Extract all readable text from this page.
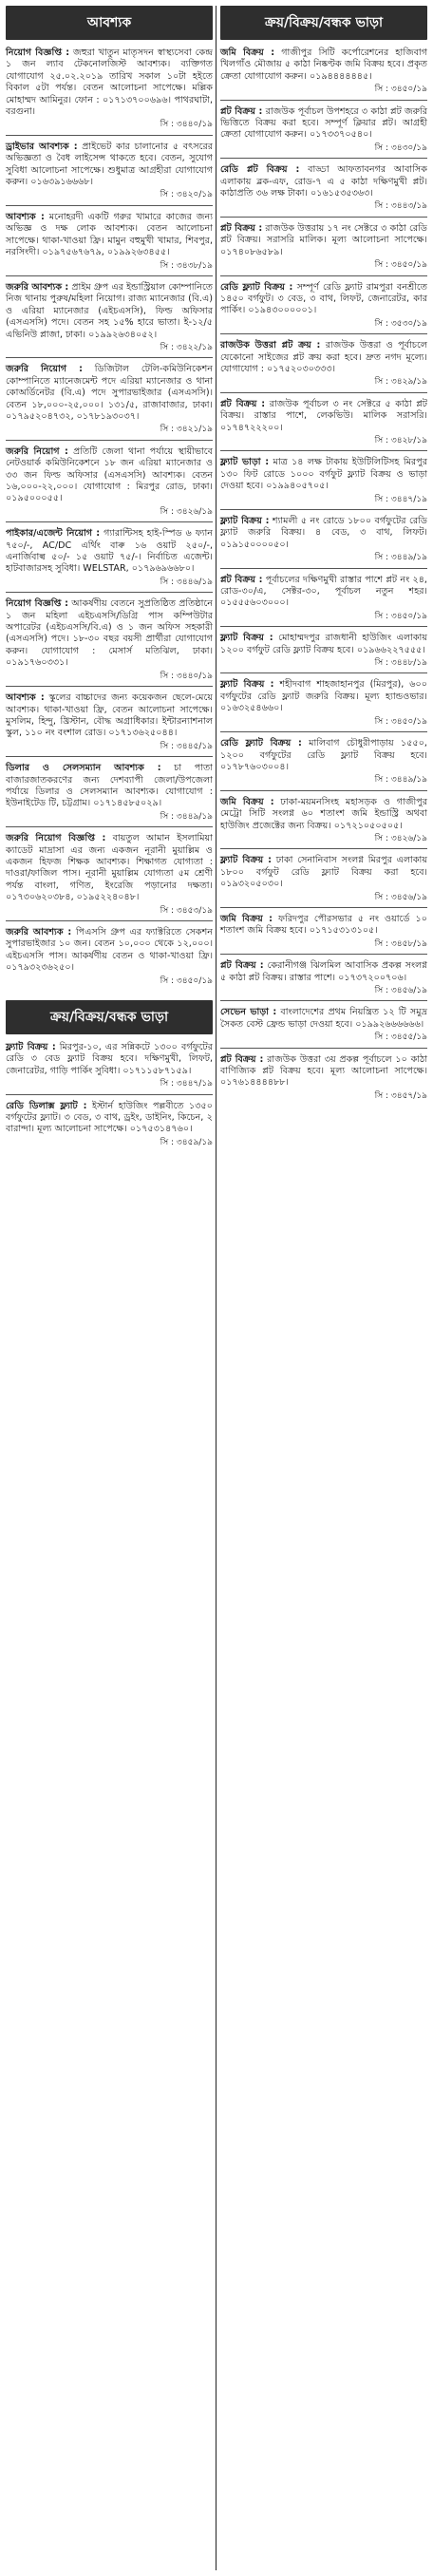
আবশ্যক

নিয়োগ বিজ্ঞপ্তি : জহুরা খাতুন মাতৃসদন স্বাস্থ্যসেবা কেন্দ্র ১ জন ল্যাব টেকনোলজিস্ট আবশ্যক। ব্যক্তিগত যোগাযোগ ২৫.০২.২০১৯ তারিখ সকাল ১০টা হইতে বিকাল ৫টা পর্যন্ত। বেতন আলোচনা সাপেক্ষে। মল্লিক মোহাম্মদ আমিনুর। ফোন : ০১৭১৩৭০০৬৯৬। পাথরঘাটা, বরগুনা।
সি : ৩৪৪০/১৯

ড্রাইভার আবশ্যক : প্রাইভেট কার চালানোর ৫ বৎসরের অভিজ্ঞতা ও বৈধ লাইসেন্স থাকতে হবে। বেতন, সুযোগ সুবিধা আলোচনা সাপেক্ষে। শুধুমাত্র আগ্রহীরা যোগাযোগ করুন। ০১৬৩৯১৬৬৬৮।
সি : ৩৪২০/১৯

আবশ্যক : মনোহরদী একটি গরুর খামারে কাজের জন্য অভিজ্ঞ ও দক্ষ লোক আবশ্যক। বেতন আলোচনা সাপেক্ষে। থাকা-খাওয়া ফ্রি। মামুন বহুমুখী খামার, শিবপুর, নরসিংদী। ০১৯৭৫৬৭৬৭৯, ০১৯৯২৬৩৪৫৫।
সি : ৩৪৩৮/১৯

জরুরি আবশ্যক : প্রাইম গ্রুপ এর ইন্ডাস্ট্রিয়াল কোম্পানিতে নিজ থানায় পুরুষ/মহিলা নিয়োগ। রাজ্য ম্যানেজার (বি.এ) ও এরিয়া ম্যানেজার (এইচএসসি), ফিল্ড অফিসার (এসএসসি) পদে। বেতন সহ ১৫% হারে ভাতা। ই-১২/৫ এভিনিউ প্লাজা, ঢাকা। ০১৯৯২৬৩৪০৫২।
সি : ৩৪২২/১৯

জরুরি নিয়োগ : ডিজিটাল টেলি-কমিউনিকেশন কোম্পানিতে ম্যানেজমেন্ট পদে এরিয়া ম্যানেজার ও থানা কোঅর্ডিনেটর (বি.এ) পদে সুপারভাইজার (এসএসসি)। বেতন ১৮,০০০-২৫,০০০। ১৩১/৫, রাজাবাজার, ঢাকা। ০১৭৯৫২০৪৭৩২, ০১৭৮১৯৩০৩৭।
সি : ৩৪২১/১৯

জরুরি নিয়োগ : প্রতিটি জেলা থানা পর্যায়ে স্থায়ীভাবে নেটওয়ার্ক কমিউনিকেশনে ১৮ জন এরিয়া ম্যানেজার ও ৩৩ জন ফিল্ড অফিসার (এসএসসি) আবশ্যক। বেতন ১৬,০০০-২২,০০০। যোগাযোগ : মিরপুর রোড, ঢাকা। ০১৯৫০০০৫৫।
সি : ৩৪২৬/১৯

পাইকার/এজেন্ট নিয়োগ : গ্যারান্টিসহ হাই-স্পিড ৬ ফ্যান ৭৫০/-, AC/DC এর্থিং বাৰু ১৬ ওয়াট ২৫০/-, এনার্জিবাল্ব ৫০/- ১৫ ওয়াট ৭৫/-। নির্বাচিত এজেন্ট। হাটবাজারসহ সুবিধা। WELSTAR, ০১৭৯৬৯৬৬৮০।
সি : ৩৪৪৬/১৯

নিয়োগ বিজ্ঞপ্তি : আকর্ষণীয় বেতনে সুপ্রতিষ্ঠিত প্রতিষ্ঠানে ১ জন মহিলা এইচএসসি/ডিগ্রি পাস কম্পিউটার অপারেটর (এইচএসসি/বি.এ) ও ১ জন অফিস সহকারী (এসএসসি) পদে। ১৮-৩০ বছর বয়সী প্রার্থীরা যোগাযোগ করুন। যোগাযোগ : মেসার্স মতিঝিল, ঢাকা। ০১৯১৭৬০৩৩১।
সি : ৩৪৪০/১৯

আবশ্যক : স্কুলের বাচ্চাদের জন্য কয়েকজন ছেলে-মেয়ে আবশ্যক। থাকা-খাওয়া ফ্রি, বেতন আলোচনা সাপেক্ষে। মুসলিম, হিন্দু, খ্রিস্টান, বৌদ্ধ অগ্রাধিকার। ইন্টারন্যাশনাল স্কুল, ১১০ নং বংশাল রোড। ০১৭১৩৬২৫০৪৪।
সি : ৩৪৪৫/১৯

ডিলার ও সেলসম্যান আবশ্যক : চা পাতা বাজারজাতকরণের জন্য দেশব্যাপী জেলা/উপজেলা পর্যায়ে ডিলার ও সেলসম্যান আবশ্যক। যোগাযোগ : ইউনাইটেড টি, চট্টগ্রাম। ০১৭১৪৫৮৫০২৯।
সি : ৩৪৪৯/১৯

জরুরি নিয়োগ বিজ্ঞপ্তি : বায়তুল আমান ইসলামিয়া ক্যাডেট মাদ্রাসা এর জন্য একজন নূরানী মুয়াল্লিম ও একজন হিফজ শিক্ষক আবশ্যক। শিক্ষাগত যোগ্যতা : দাওরা/ফাজিল পাস। নূরানী মুয়াল্লিম যোগ্যতা ৫ম শ্রেণী পর্যন্ত বাংলা, গণিত, ইংরেজি পড়ানোর দক্ষতা। ০১৭৩০৬২০৩৮৪, ০১৯৫২২৪০৪৮।
সি : ৩৪৫৩/১৯

জরুরি আবশ্যক : পিএসসি গ্রুপ এর ফ্যাক্টরিতে সেকশন সুপারভাইজার ১০ জন। বেতন ১০,০০০ থেকে ১২,০০০। এইচএসসি পাস। আকর্ষণীয় বেতন ও থাকা-খাওয়া ফ্রি। ০১৭৯৩২৩৬২৫০।
সি : ৩৪৫০/১৯

ক্রয়/বিক্রয়/বন্ধক ভাড়া

ফ্ল্যাট বিক্রয় : মিরপুর-১০, এর সন্নিকটে ১৩০০ বর্গফুটের রেডি ৩ বেড ফ্ল্যাট বিক্রয় হবে। দক্ষিণমুখী, লিফট, জেনারেটর, গাড়ি পার্কিং সুবিধা। ০১৭১১৫৮৭১৫৯।
সি : ৩৪৪৭/১৯

রেডি ডিলাক্স ফ্ল্যাট : ইস্টার্ন হাউজিং পল্লবীতে ১৩৫০ বর্গফুটের ফ্ল্যাট। ৩ বেড, ৩ বাথ, ড্রইং, ডাইনিং, কিচেন, ২ বারান্দা। মূল্য আলোচনা সাপেক্ষে। ০১৭৫৩১৪৭৬০।
সি : ৩৪৫৯/১৯

ক্রয়/বিক্রয়/বন্ধক ভাড়া

জমি বিক্রয় : গাজীপুর সিটি কর্পোরেশনের হাজিবাগ খিলগাঁও মৌজায় ৫ কাঠা নিষ্কণ্টক জমি বিক্রয় হবে। প্রকৃত ক্রেতা যোগাযোগ করুন। ০১৯৪৪৪৪৪৪৫।
সি : ৩৪৫০/১৯

প্লট বিক্রয় : রাজউক পূর্বাচল উপশহরে ৩ কাঠা প্লট জরুরি ভিত্তিতে বিক্রয় করা হবে। সম্পূর্ণ ক্লিয়ার প্লট। আগ্রহী ক্রেতা যোগাযোগ করুন। ০১৭৩৩৭০৫৪০।
সি : ৩৪৩০/১৯

রেডি প্লট বিক্রয় : বাড্ডা আফতাবনগর আবাসিক এলাকায় ব্লক-এফ, রোড-৭ এ ৫ কাঠা দক্ষিণমুখী প্লট। কাঠাপ্রতি ৩৬ লক্ষ টাকা। ০১৬১৫৩৫৩৬৩।
সি : ৩৪৪৩/১৯

প্লট বিক্রয় : রাজউক উত্তরায় ১৭ নং সেক্টরে ৩ কাঠা রেডি প্লট বিক্রয়। সরাসরি মালিক। মূল্য আলোচনা সাপেক্ষে। ০১৭৪০৮৬৫৮৯।
সি : ৩৪৫০/১৯

রেডি ফ্ল্যাট বিক্রয় : সম্পূর্ণ রেডি ফ্ল্যাট রামপুরা বনশ্রীতে ১৪৫০ বর্গফুট। ৩ বেড, ৩ বাথ, লিফট, জেনারেটর, কার পার্কিং। ০১৯৪৩০০০০০১।
সি : ৩৫৩০/১৯

রাজউক উত্তরা প্লট ক্রয় : রাজউক উত্তরা ও পূর্বাচলে যেকোনো সাইজের প্লট ক্রয় করা হবে। দ্রুত নগদ মূল্যে। যোগাযোগ : ০১৭৫২০৩০৩৩৩।
সি : ৩৪২৯/১৯

প্লট বিক্রয় : রাজউক পূর্বাচল ৩ নং সেক্টরে ৫ কাঠা প্লট বিক্রয়। রাস্তার পাশে, লেকভিউ। মালিক সরাসরি। ০১৭৪৭২২২০০।
সি : ৩৪২৮/১৯

ফ্ল্যাট ভাড়া : মাত্র ১৪ লক্ষ টাকায় ইউটিলিটিসহ মিরপুর ১৩০ ফিট রোডে ১০০০ বর্গফুট ফ্ল্যাট বিক্রয় ও ভাড়া দেওয়া হবে। ০১৯৯৪০৫৭০৫।
সি : ৩৪৪৭/১৯

ফ্ল্যাট বিক্রয় : শ্যামলী ৫ নং রোডে ১৮০০ বর্গফুটের রেডি ফ্ল্যাট জরুরি বিক্রয়। ৪ বেড, ৩ বাথ, লিফট। ০১৯১৫০০০০৫০।
সি : ৩৪৪৯/১৯

প্লট বিক্রয় : পূর্বাচলের দক্ষিণমুখী রাস্তার পাশে প্লট নং ২৪, রোড-৩০/এ, সেক্টর-৩০, পূর্বাচল নতুন শহর। ০১৫৫৫৬০৩০০০।
সি : ৩৪৫০/১৯

ফ্ল্যাট বিক্রয় : মোহাম্মদপুর রাজধানী হাউজিং এলাকায় ১২০০ বর্গফুট রেডি ফ্ল্যাট বিক্রয় হবে। ০১৯৬৬২২৭৫৫৫।
সি : ৩৪৪৮/১৯

ফ্ল্যাট বিক্রয় : শহীদবাগ শাহজাহানপুর (মিরপুর), ৬০০ বর্গফুটের রেডি ফ্ল্যাট জরুরি বিক্রয়। মূল্য হ্যান্ডওভার। ০১৬৩২৫৪৬৬০।
সি : ৩৪৫০/১৯

রেডি ফ্ল্যাট বিক্রয় : মালিবাগ চৌধুরীপাড়ায় ১৫৫০, ১২০০ বর্গফুটের রেডি ফ্ল্যাট বিক্রয় হবে। ০১৭৮৭৬০৩০০৪।
সি : ৩৪৪৯/১৯

জমি বিক্রয় : ঢাকা-ময়মনসিংহ মহাসড়ক ও গাজীপুর মেট্রো সিটি সংলগ্ন ৬০ শতাংশ জমি ইন্ডাস্ট্রি অথবা হাউজিং প্রজেক্টের জন্য বিক্রয়। ০১৭২১০৫০৫০৫।
সি : ৩৪২৬/১৯

ফ্ল্যাট বিক্রয় : ঢাকা সেনানিবাস সংলগ্ন মিরপুর এলাকায় ১৮০০ বর্গফুট রেডি ফ্ল্যাট বিক্রয় করা হবে। ০১৯৩২০৫০৩০।
সি : ৩৪৫৬/১৯

জমি বিক্রয় : ফরিদপুর পৌরসভার ৫ নং ওয়ার্ডে ১০ শতাংশ জমি বিক্রয় হবে। ০১৭১৫৩১৩১০৫।
সি : ৩৪৫৮/১৯

প্লট বিক্রয় : কেরানীগঞ্জ ঝিলমিল আবাসিক প্রকল্প সংলগ্ন ৫ কাঠা প্লট বিক্রয়। রাস্তার পাশে। ০১৭৩৭২০০৭০৬।
সি : ৩৪৫৬/১৯

সেভেন ভাড়া : বাংলাদেশের প্রথম নিয়ন্ত্রিত ১২ টি সমুদ্র সৈকত বেস্ট ফ্রেন্ড ভাড়া দেওয়া হবে। ০১৯৯২৬৬৬৬৬৬।
সি : ৩৪৫৫/১৯

প্লট বিক্রয় : রাজউক উত্তরা ৩য় প্রকল্প পূর্বাচলে ১০ কাঠা বাণিজ্যিক প্লট বিক্রয় হবে। মূল্য আলোচনা সাপেক্ষে। ০১৭৬১৪৪৪৪৮৮।
সি : ৩৪৫৭/১৯
